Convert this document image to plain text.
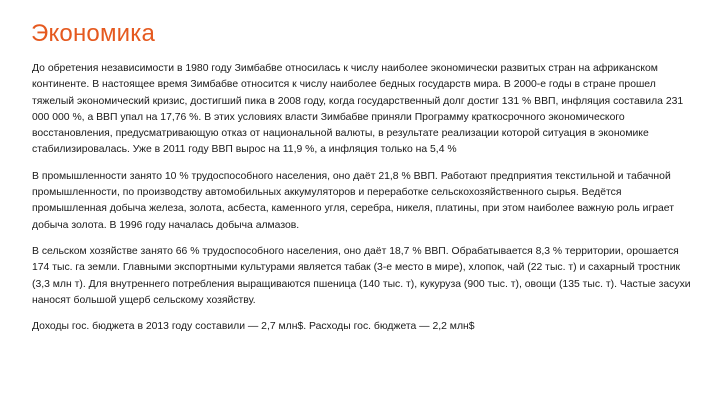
Экономика

До обретения независимости в 1980 году Зимбабве относилась к числу наиболее экономически развитых стран на африканском континенте. В настоящее время Зимбабве относится к числу наиболее бедных государств мира. В 2000-е годы в стране прошел тяжелый экономический кризис, достигший пика в 2008 году, когда государственный долг достиг 131 % ВВП, инфляция составила 231 000 000 %, а ВВП упал на 17,76 %. В этих условиях власти Зимбабве приняли Программу краткосрочного экономического восстановления, предусматривающую отказ от национальной валюты, в результате реализации которой ситуация в экономике стабилизировалась. Уже в 2011 году ВВП вырос на 11,9 %, а инфляция только на 5,4 %

В промышленности занято 10 % трудоспособного населения, оно даёт 21,8 % ВВП. Работают предприятия текстильной и табачной промышленности, по производству автомобильных аккумуляторов и переработке сельскохозяйственного сырья. Ведётся промышленная добыча железа, золота, асбеста, каменного угля, серебра, никеля, платины, при этом наиболее важную роль играет добыча золота. В 1996 году началась добыча алмазов.

В сельском хозяйстве занято 66 % трудоспособного населения, оно даёт 18,7 % ВВП. Обрабатывается 8,3 % территории, орошается 174 тыс. га земли. Главными экспортными культурами является табак (3-е место в мире), хлопок, чай (22 тыс. т) и сахарный тростник (3,3 млн т). Для внутреннего потребления выращиваются пшеница (140 тыс. т), кукуруза (900 тыс. т), овощи (135 тыс. т). Частые засухи наносят большой ущерб сельскому хозяйству.

Доходы гос. бюджета в 2013 году составили — 2,7 млн$. Расходы гос. бюджета — 2,2 млн$
